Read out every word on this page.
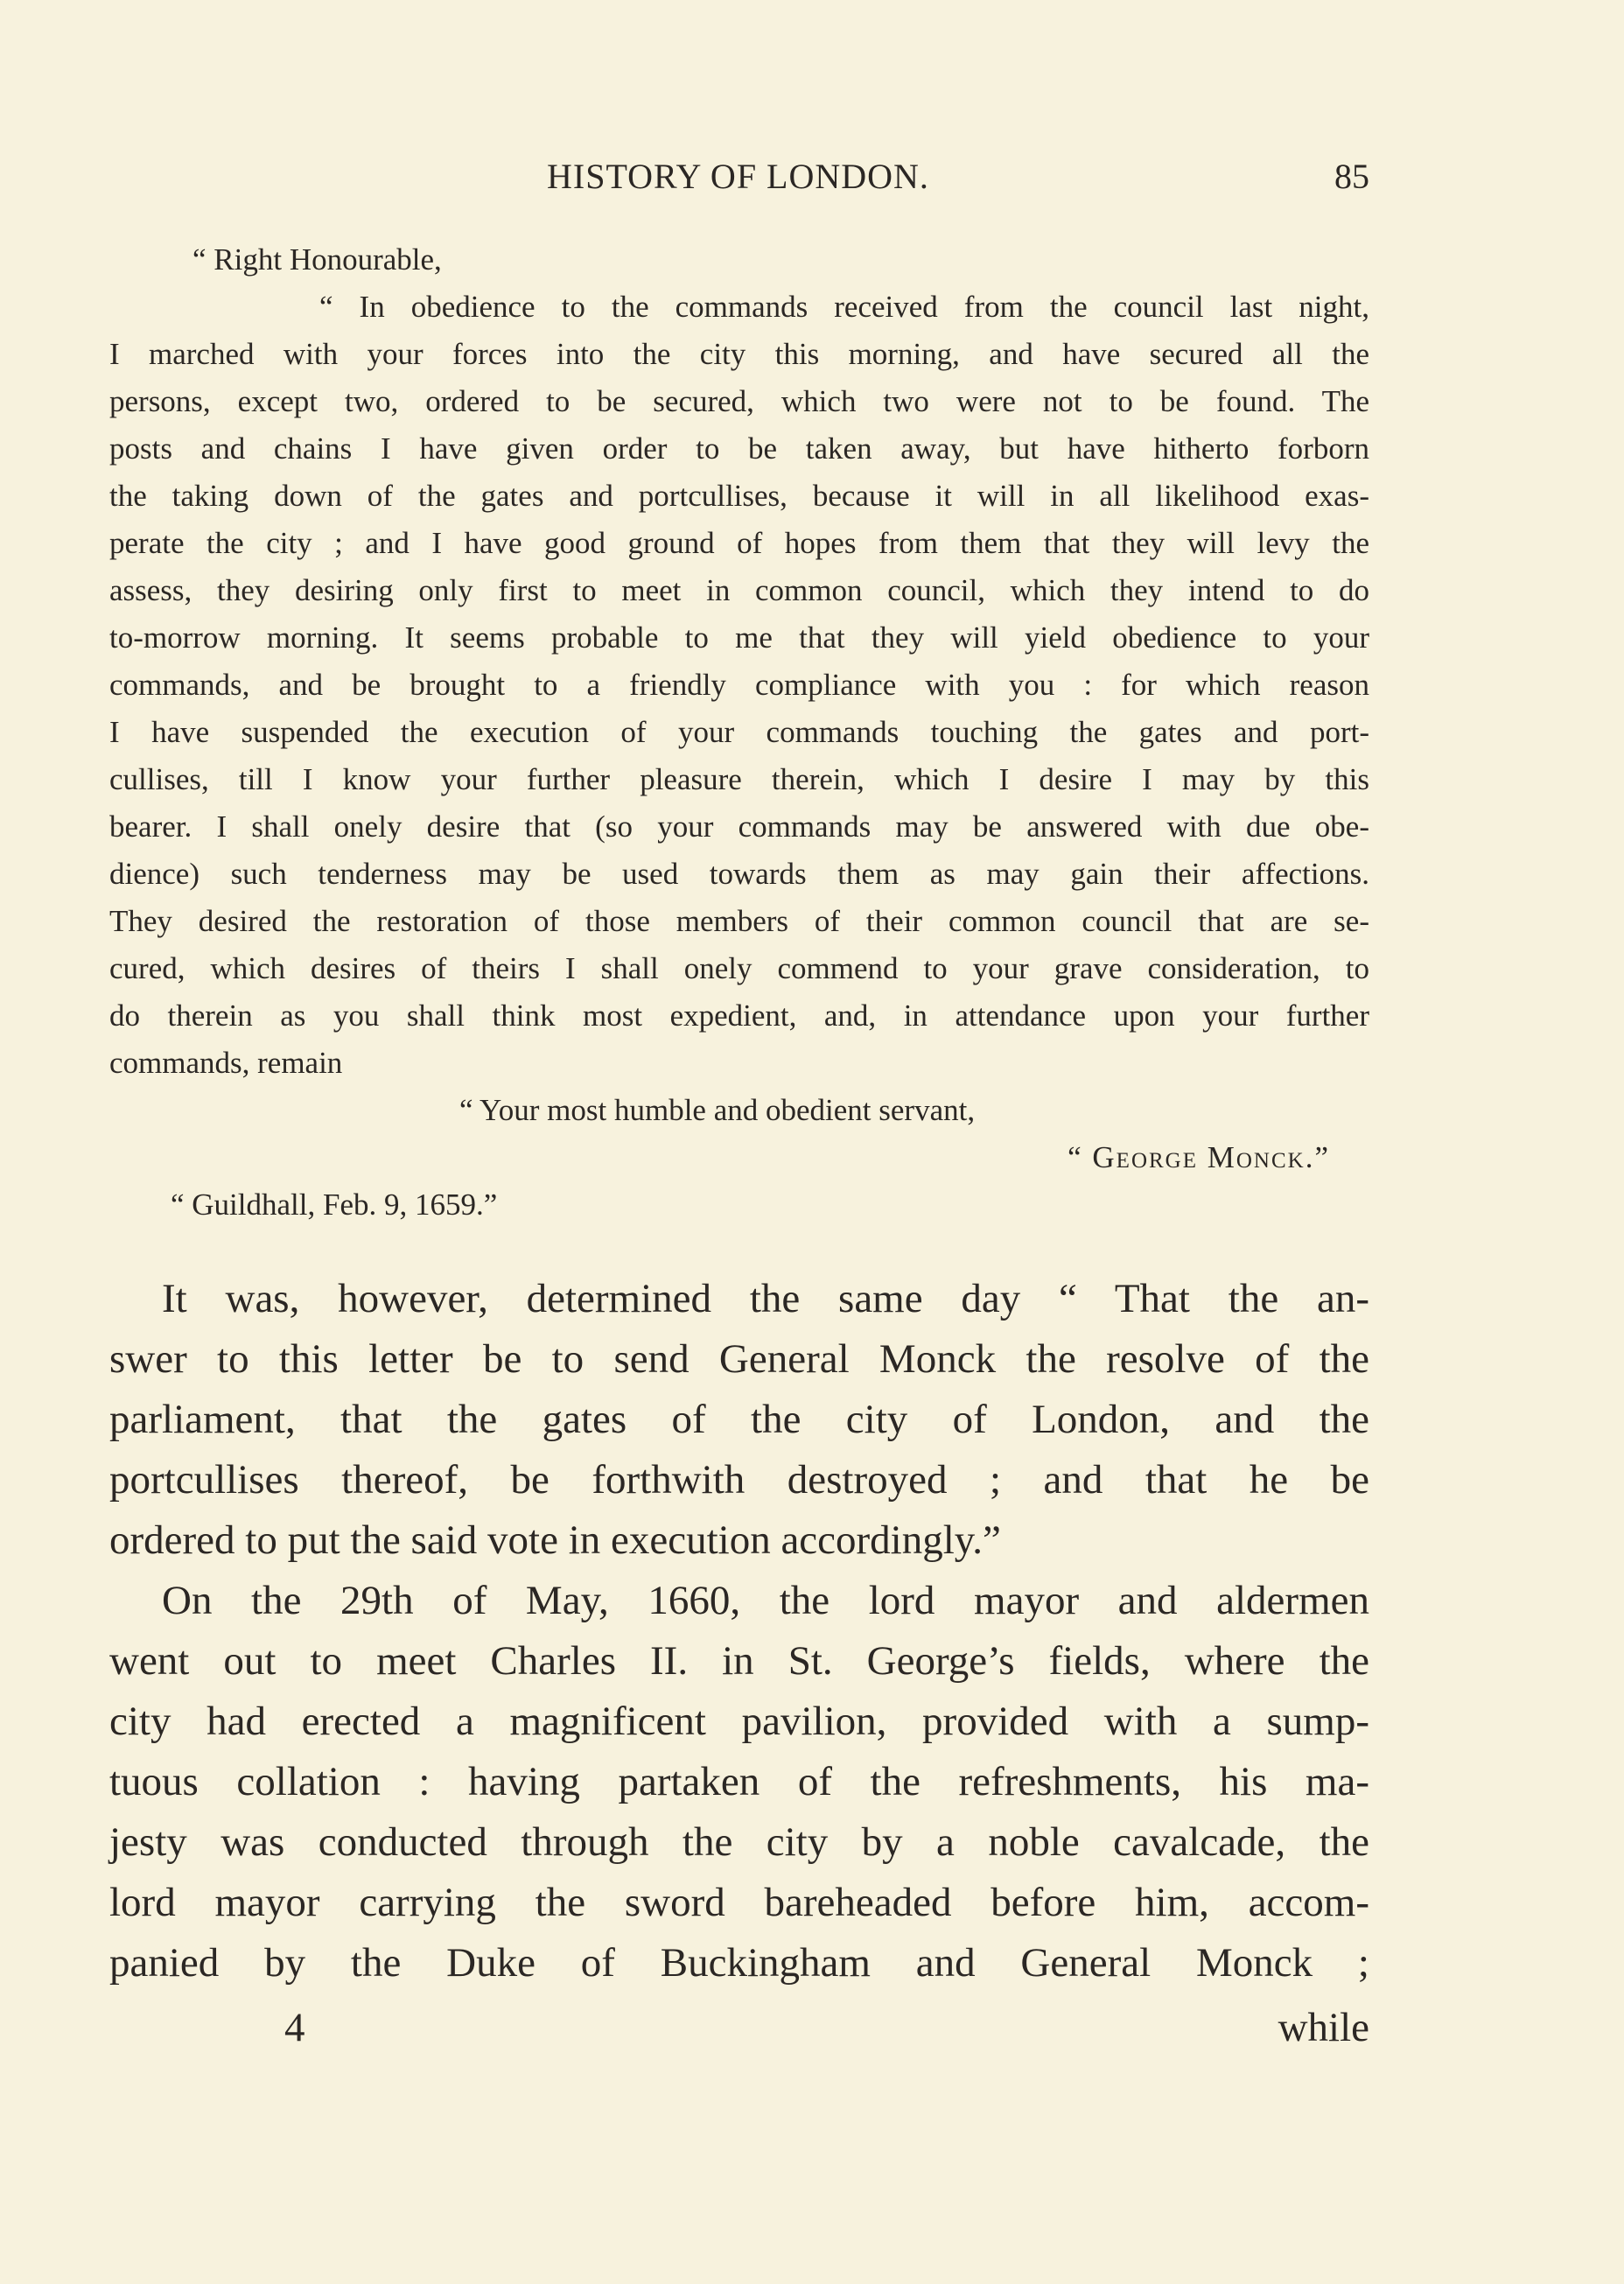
HISTORY OF LONDON.	85
“ Right Honourable,
“ In obedience to the commands received from the council last night,
I marched with your forces into the city this morning, and have secured all the
persons, except two, ordered to be secured, which two were not to be found. The
posts and chains I have given order to be taken away, but have hitherto forborn
the taking down of the gates and portcullises, because it will in all likelihood exas-
perate the city ; and I have good ground of hopes from them that they will levy the
assess, they desiring only first to meet in common council, which they intend to do
to-morrow morning. It seems probable to me that they will yield obedience to your
commands, and be brought to a friendly compliance with you : for which reason
I have suspended the execution of your commands touching the gates and port-
cullises, till I know your further pleasure therein, which I desire I may by this
bearer. I shall onely desire that (so your commands may be answered with due obe-
dience) such tenderness may be used towards them as may gain their affections.
They desired the restoration of those members of their common council that are se-
cured, which desires of theirs I shall onely commend to your grave consideration, to
do therein as you shall think most expedient, and, in attendance upon your further
commands, remain
“ Your most humble and obedient servant,
“ George Monck.”
“ Guildhall, Feb. 9, 1659.”
It was, however, determined the same day “ That the an-
swer to this letter be to send General Monck the resolve of the
parliament, that the gates of the city of London, and the
portcullises thereof, be forthwith destroyed ; and that he be
ordered to put the said vote in execution accordingly.”
On the 29th of May, 1660, the lord mayor and aldermen
went out to meet Charles II. in St. George’s fields, where the
city had erected a magnificent pavilion, provided with a sump-
tuous collation : having partaken of the refreshments, his ma-
jesty was conducted through the city by a noble cavalcade, the
lord mayor carrying the sword bareheaded before him, accom-
panied by the Duke of Buckingham and General Monck ;
4	while
